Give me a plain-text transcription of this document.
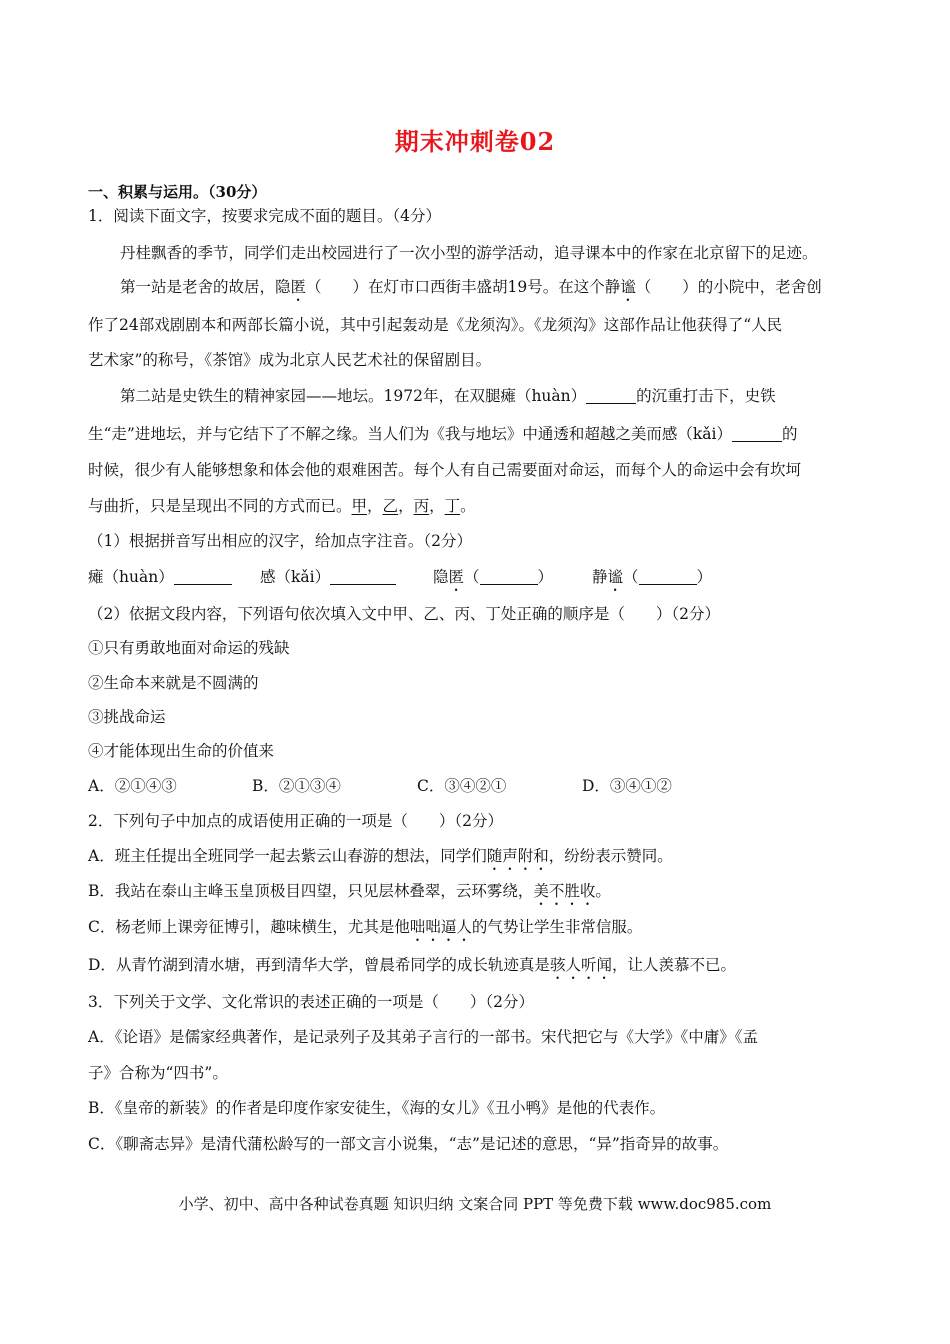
期末冲刺卷02
一、积累与运用。（30分）
1．阅读下面文字，按要求完成不面的题目。（4分）
丹桂飘香的季节，同学们走出校园进行了一次小型的游学活动，追寻课本中的作家在北京留下的足迹。
第一站是老舍的故居，隐匿（　　）在灯市口西街丰盛胡19号。在这个静谧（　　）的小院中，老舍创
作了24部戏剧剧本和两部长篇小说，其中引起轰动是《龙须沟》。《龙须沟》这部作品让他获得了“人民
艺术家”的称号，《茶馆》成为北京人民艺术社的保留剧目。
第二站是史铁生的精神家园——地坛。1972年，在双腿瘫（huàn）	的沉重打击下，史铁
生“走”进地坛，并与它结下了不解之缘。当人们为《我与地坛》中通透和超越之美而感（kǎi）	的
时候，很少有人能够想象和体会他的艰难困苦。每个人有自己需要面对命运，而每个人的命运中会有坎坷
与曲折，只是呈现出不同的方式而已。甲，乙，丙，丁。
（1）根据拼音写出相应的汉字，给加点字注音。（2分）
瘫（huàn）	感（kǎi）	隐匿（	）	静谧（	）
（2）依据文段内容，下列语句依次填入文中甲、乙、丙、丁处正确的顺序是（　　）（2分）
①只有勇敢地面对命运的残缺
②生命本来就是不圆满的
③挑战命运
④才能体现出生命的价值来
A．②①④③	B．②①③④	C．③④②①	D．③④①②
2．下列句子中加点的成语使用正确的一项是（　　）（2分）
A．班主任提出全班同学一起去紫云山春游的想法，同学们随声附和，纷纷表示赞同。
B．我站在泰山主峰玉皇顶极目四望，只见层林叠翠，云环雾绕，美不胜收。
C．杨老师上课旁征博引，趣味横生，尤其是他咄咄逼人的气势让学生非常信服。
D．从青竹湖到清水塘，再到清华大学，曾晨希同学的成长轨迹真是骇人听闻，让人羡慕不已。
3．下列关于文学、文化常识的表述正确的一项是（　　）（2分）
A．《论语》是儒家经典著作，是记录列子及其弟子言行的一部书。宋代把它与《大学》《中庸》《孟
子》合称为“四书”。
B．《皇帝的新装》的作者是印度作家安徒生，《海的女儿》《丑小鸭》是他的代表作。
C．《聊斋志异》是清代蒲松龄写的一部文言小说集，“志”是记述的意思，“异”指奇异的故事。
小学、初中、高中各种试卷真题 知识归纳 文案合同 PPT 等免费下载 www.doc985.com
